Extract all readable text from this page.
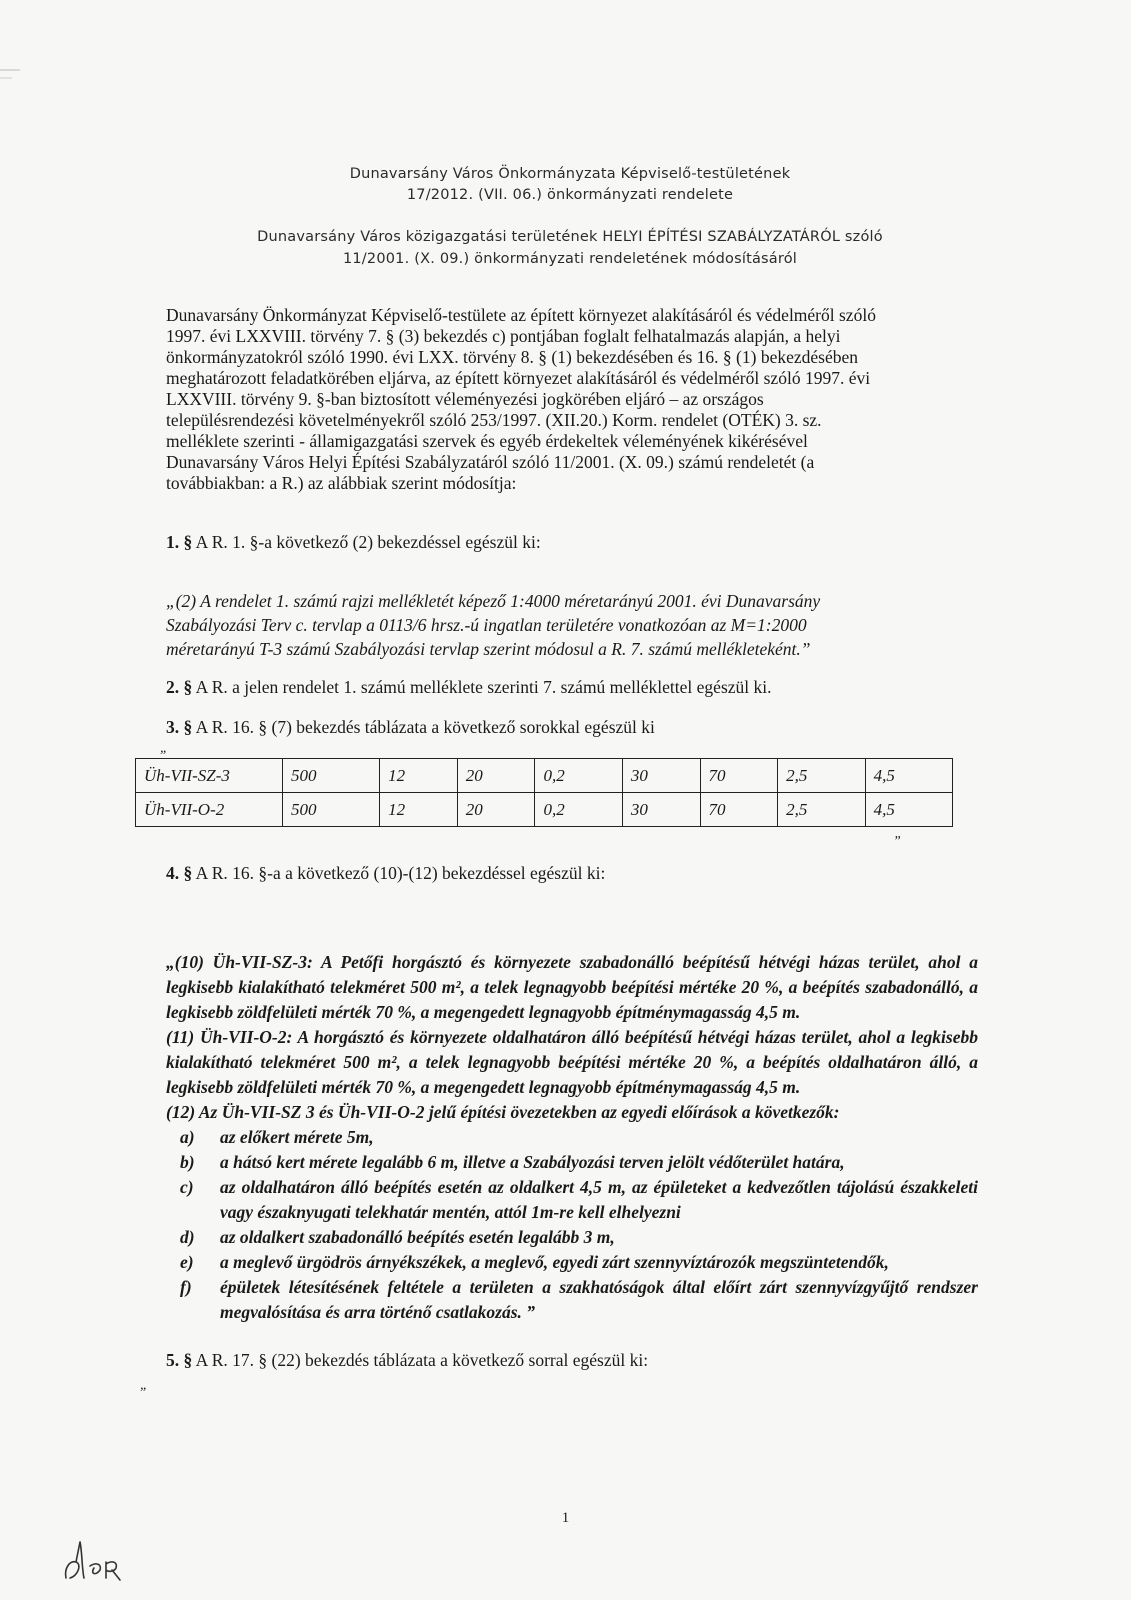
Dunavarsány Város Önkormányzata Képviselő-testületének
17/2012. (VII. 06.) önkormányzati rendelete
Dunavarsány Város közigazgatási területének HELYI ÉPÍTÉSI SZABÁLYZATÁRÓL szóló
11/2001. (X. 09.) önkormányzati rendeletének módosításáról
Dunavarsány Önkormányzat Képviselő-testülete az épített környezet alakításáról és védelméről szóló
1997. évi LXXVIII. törvény 7. § (3) bekezdés c) pontjában foglalt felhatalmazás alapján, a helyi
önkormányzatokról szóló 1990. évi LXX. törvény 8. § (1) bekezdésében és 16. § (1) bekezdésében
meghatározott feladatkörében eljárva, az épített környezet alakításáról és védelméről szóló 1997. évi
LXXVIII. törvény 9. §-ban biztosított véleményezési jogkörében eljáró – az országos
településrendezési követelményekről szóló 253/1997. (XII.20.) Korm. rendelet (OTÉK) 3. sz.
melléklete szerinti - államigazgatási szervek és egyéb érdekeltek véleményének kikérésével
Dunavarsány Város Helyi Építési Szabályzatáról szóló 11/2001. (X. 09.) számú rendeletét (a
továbbiakban: a R.) az alábbiak szerint módosítja:
1. § A R. 1. §-a következő (2) bekezdéssel egészül ki:
„(2) A rendelet 1. számú rajzi mellékletét képező 1:4000 méretarányú 2001. évi Dunavarsány
Szabályozási Terv c. tervlap a 0113/6 hrsz.-ú ingatlan területére vonatkozóan az M=1:2000
méretarányú T-3 számú Szabályozási tervlap szerint módosul a R. 7. számú mellékleteként.”
2. § A R. a jelen rendelet 1. számú melléklete szerinti 7. számú melléklettel egészül ki.
3. § A R. 16. § (7) bekezdés táblázata a következő sorokkal egészül ki
„
Üh-VII-SZ-3	500	12	20	0,2	30	70	2,5	4,5
Üh-VII-O-2	500	12	20	0,2	30	70	2,5	4,5
”
4. § A R. 16. §-a a következő (10)-(12) bekezdéssel egészül ki:

„(10) Üh-VII-SZ-3: A Petőfi horgásztó és környezete szabadonálló beépítésű hétvégi házas terület, ahol a legkisebb kialakítható telekméret 500 m², a telek legnagyobb beépítési mértéke 20 %, a beépítés szabadonálló, a legkisebb zöldfelületi mérték 70 %, a megengedett legnagyobb építménymagasság 4,5 m.

(11) Üh-VII-O-2: A horgásztó és környezete oldalhatáron álló beépítésű hétvégi házas terület, ahol a legkisebb kialakítható telekméret 500 m², a telek legnagyobb beépítési mértéke 20 %, a beépítés oldalhatáron álló, a legkisebb zöldfelületi mérték 70 %, a megengedett legnagyobb építménymagasság 4,5 m.

(12) Az Üh-VII-SZ 3 és Üh-VII-O-2 jelű építési övezetekben az egyedi előírások a következők:

a)	az előkert mérete 5m,
b)	a hátsó kert mérete legalább 6 m, illetve a Szabályozási terven jelölt védőterület határa,
c)	az oldalhatáron álló beépítés esetén az oldalkert 4,5 m, az épületeket a kedvezőtlen tájolású északkeleti vagy északnyugati telekhatár mentén, attól 1m-re kell elhelyezni
d)	az oldalkert szabadonálló beépítés esetén legalább 3 m,
e)	a meglevő ürgödrös árnyékszékek, a meglevő, egyedi zárt szennyvíztározók megszüntetendők,
f)	épületek létesítésének feltétele a területen a szakhatóságok által előírt zárt szennyvízgyűjtő rendszer megvalósítása és arra történő csatlakozás. ”
5. § A R. 17. § (22) bekezdés táblázata a következő sorral egészül ki:
„
1
